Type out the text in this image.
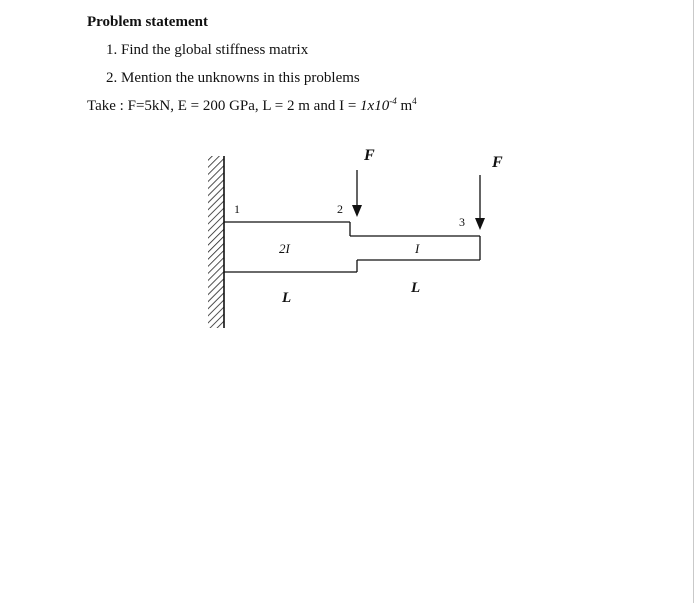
Problem statement
1. Find the global stiffness matrix
2. Mention the unknowns in this problems
Take : F=5kN, E = 200 GPa, L = 2 m and $I = 1x10^{-4}$ $m^4$
F	F
1	2
3
2I	I
L
L
